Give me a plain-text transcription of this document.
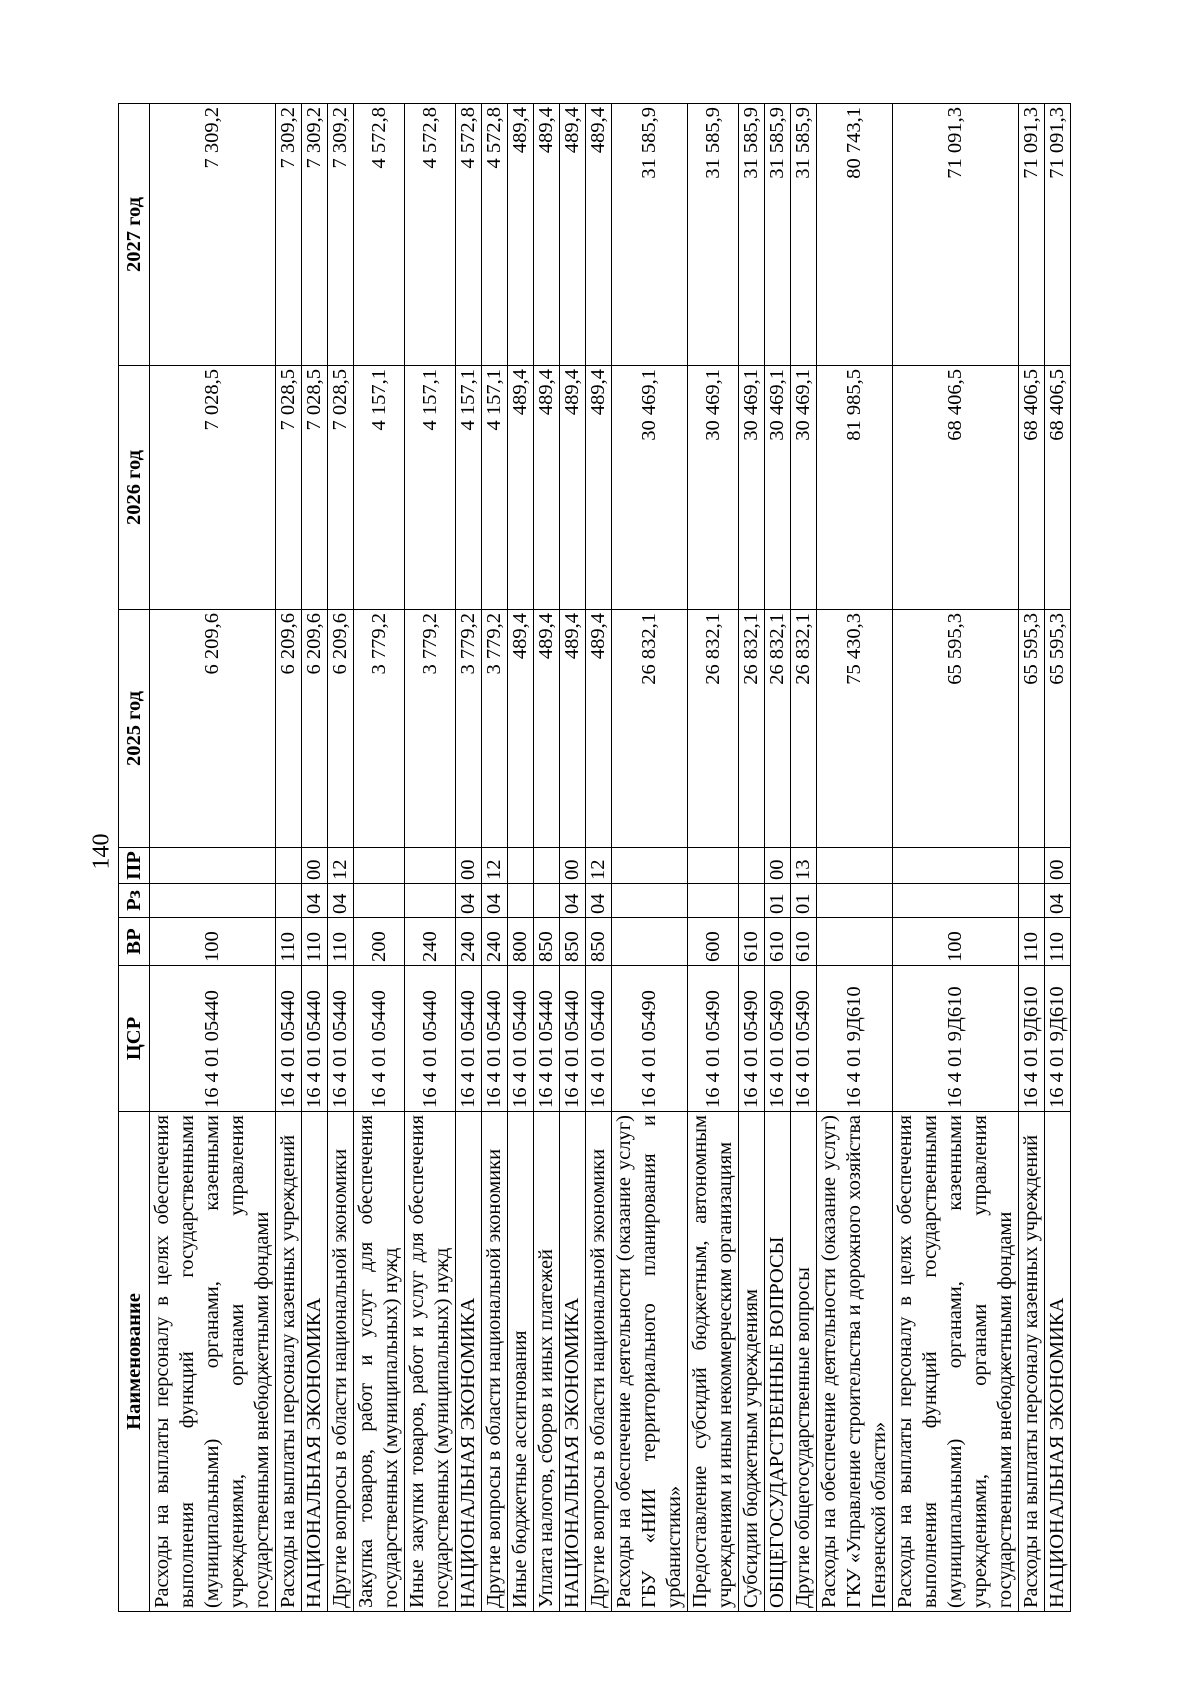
140
Наименование	ЦСР	ВР	Рз	ПР	2025 год	2026 год	2027 год
Расходы на выплаты персоналу в целях обеспечения выполнения функций государственными (муниципальными) органами, казенными учреждениями, органами управления государственными внебюджетными фондами	16 4 01 05440	100			6 209,6	7 028,5	7 309,2
Расходы на выплаты персоналу казенных учреждений	16 4 01 05440	110			6 209,6	7 028,5	7 309,2
НАЦИОНАЛЬНАЯ ЭКОНОМИКА	16 4 01 05440	110	04	00	6 209,6	7 028,5	7 309,2
Другие вопросы в области национальной экономики	16 4 01 05440	110	04	12	6 209,6	7 028,5	7 309,2
Закупка товаров, работ и услуг для обеспечения государственных (муниципальных) нужд	16 4 01 05440	200			3 779,2	4 157,1	4 572,8
Иные закупки товаров, работ и услуг для обеспечения государственных (муниципальных) нужд	16 4 01 05440	240			3 779,2	4 157,1	4 572,8
НАЦИОНАЛЬНАЯ ЭКОНОМИКА	16 4 01 05440	240	04	00	3 779,2	4 157,1	4 572,8
Другие вопросы в области национальной экономики	16 4 01 05440	240	04	12	3 779,2	4 157,1	4 572,8
Иные бюджетные ассигнования	16 4 01 05440	800			489,4	489,4	489,4
Уплата налогов, сборов и иных платежей	16 4 01 05440	850			489,4	489,4	489,4
НАЦИОНАЛЬНАЯ ЭКОНОМИКА	16 4 01 05440	850	04	00	489,4	489,4	489,4
Другие вопросы в области национальной экономики	16 4 01 05440	850	04	12	489,4	489,4	489,4
Расходы на обеспечение деятельности (оказание услуг) ГБУ «НИИ территориального планирования и урбанистики»	16 4 01 05490				26 832,1	30 469,1	31 585,9
Предоставление субсидий бюджетным, автономным учреждениям и иным некоммерческим организациям	16 4 01 05490	600			26 832,1	30 469,1	31 585,9
Субсидии бюджетным учреждениям	16 4 01 05490	610			26 832,1	30 469,1	31 585,9
ОБЩЕГОСУДАРСТВЕННЫЕ ВОПРОСЫ	16 4 01 05490	610	01	00	26 832,1	30 469,1	31 585,9
Другие общегосударственные вопросы	16 4 01 05490	610	01	13	26 832,1	30 469,1	31 585,9
Расходы на обеспечение деятельности (оказание услуг) ГКУ «Управление строительства и дорожного хозяйства Пензенской области»	16 4 01 9Д610				75 430,3	81 985,5	80 743,1
Расходы на выплаты персоналу в целях обеспечения выполнения функций государственными (муниципальными) органами, казенными учреждениями, органами управления государственными внебюджетными фондами	16 4 01 9Д610	100			65 595,3	68 406,5	71 091,3
Расходы на выплаты персоналу казенных учреждений	16 4 01 9Д610	110			65 595,3	68 406,5	71 091,3
НАЦИОНАЛЬНАЯ ЭКОНОМИКА	16 4 01 9Д610	110	04	00	65 595,3	68 406,5	71 091,3
